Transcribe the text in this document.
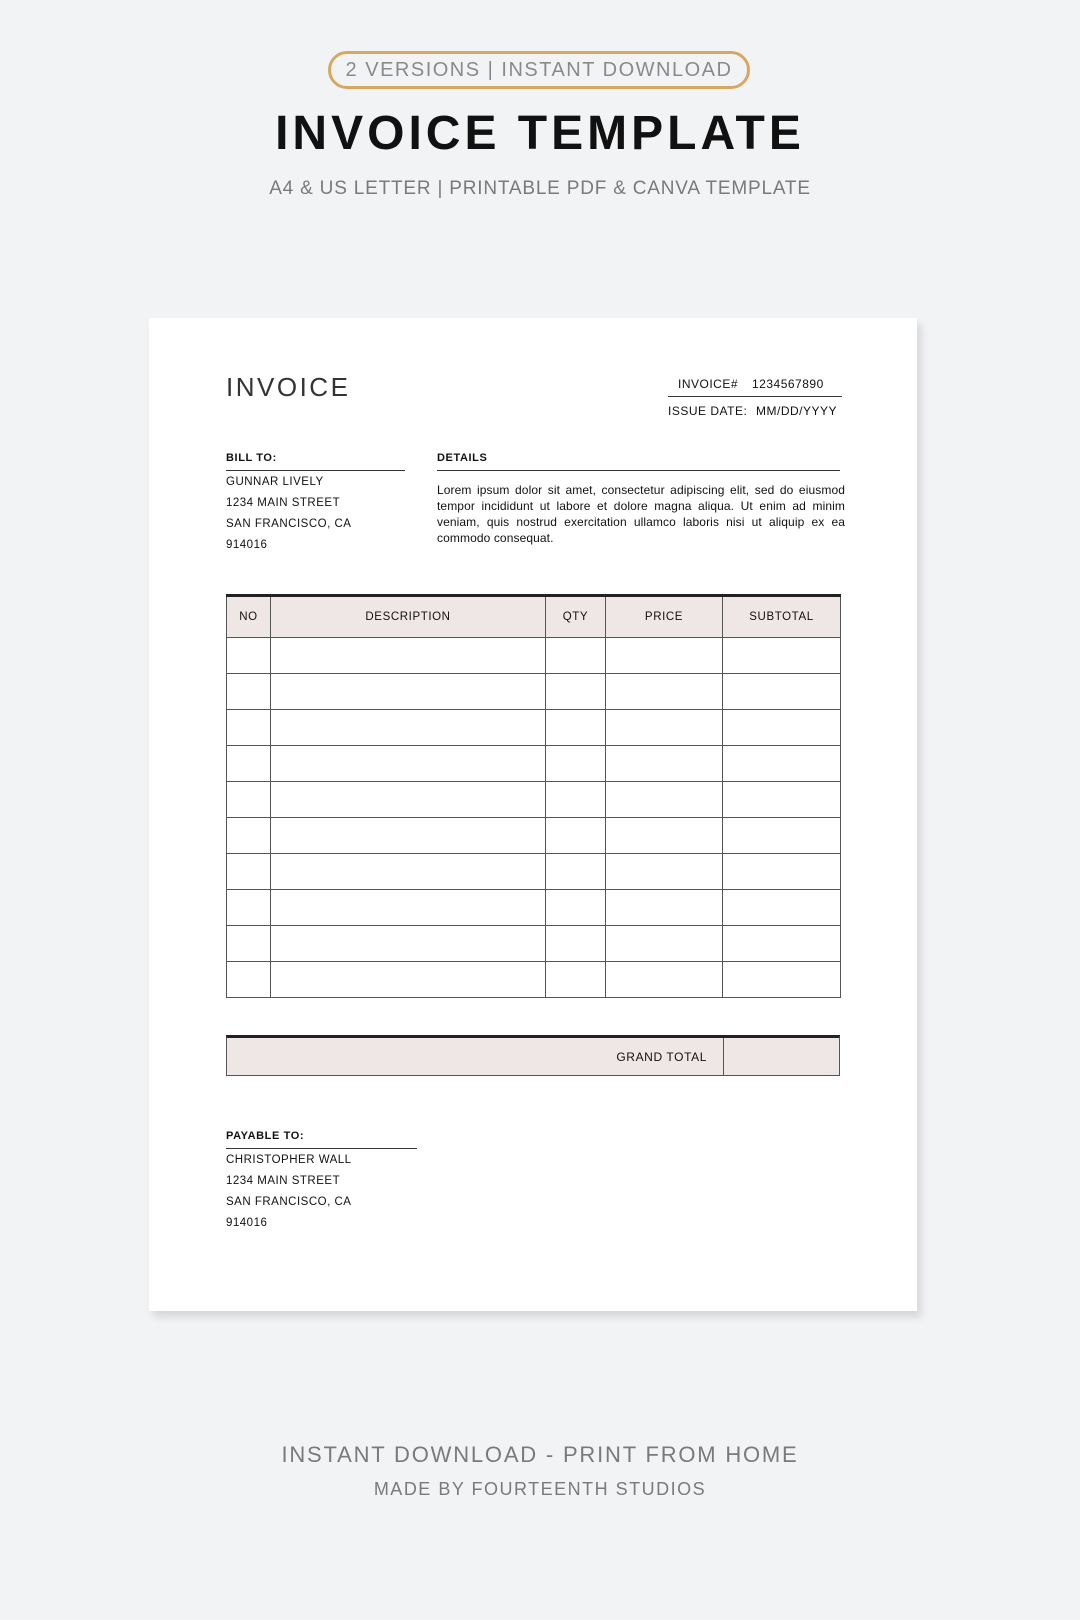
2 VERSIONS | INSTANT DOWNLOAD
INVOICE TEMPLATE
A4 & US LETTER | PRINTABLE PDF & CANVA TEMPLATE
INVOICE	INVOICE# 1234567890
ISSUE DATE: MM/DD/YYYY
BILL TO:
GUNNAR LIVELY
1234 MAIN STREET
SAN FRANCISCO, CA
914016
DETAILS
Lorem ipsum dolor sit amet, consectetur adipiscing elit, sed do eiusmod tempor incididunt ut labore et dolore magna aliqua. Ut enim ad minim veniam, quis nostrud exercitation ullamco laboris nisi ut aliquip ex ea commodo consequat.
NO	DESCRIPTION	QTY	PRICE	SUBTOTAL

GRAND TOTAL
PAYABLE TO:
CHRISTOPHER WALL
1234 MAIN STREET
SAN FRANCISCO, CA
914016
INSTANT DOWNLOAD - PRINT FROM HOME
MADE BY FOURTEENTH STUDIOS
